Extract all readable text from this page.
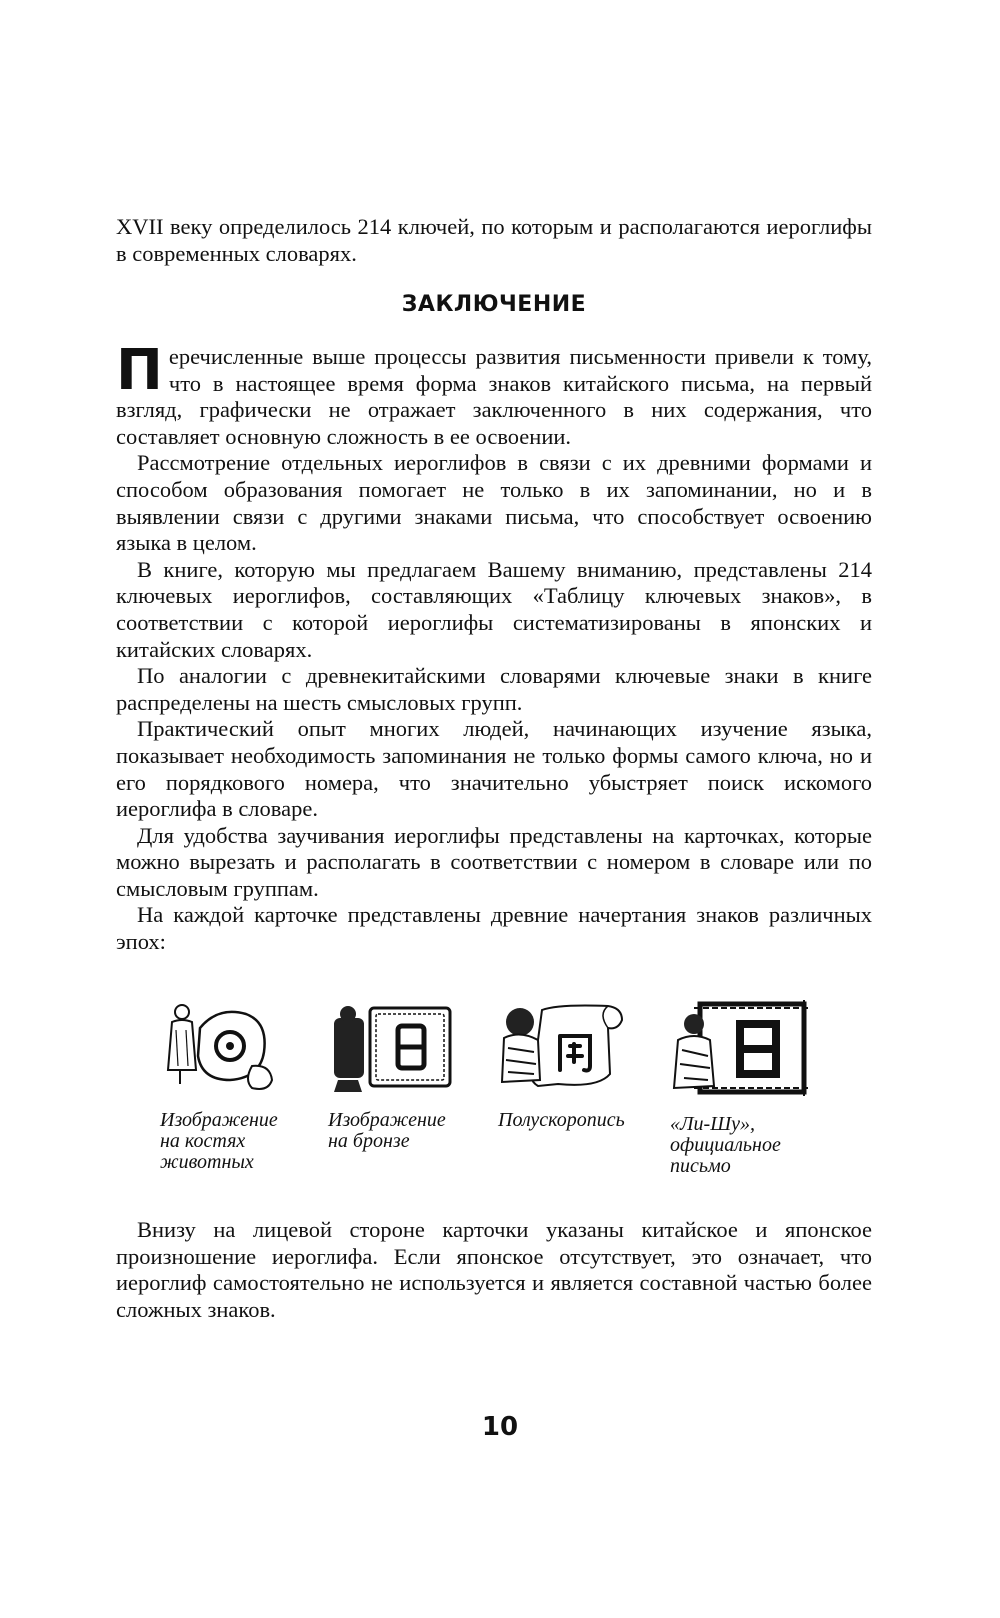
XVII веку определилось 214 ключей, по которым и располагаются иероглифы в современных словарях.

ЗАКЛЮЧЕНИЕ

Перечисленные выше процессы развития письменности привели к тому, что в настоящее время форма знаков китайского письма, на первый взгляд, графически не отражает заключенного в них содержания, что составляет основную сложность в ее освоении.

Рассмотрение отдельных иероглифов в связи с их древними формами и способом образования помогает не только в их запоминании, но и в выявлении связи с другими знаками письма, что способствует освоению языка в целом.

В книге, которую мы предлагаем Вашему вниманию, представлены 214 ключевых иероглифов, составляющих «Таблицу ключевых знаков», в соответствии с которой иероглифы систематизированы в японских и китайских словарях.

По аналогии с древнекитайскими словарями ключевые знаки в книге распределены на шесть смысловых групп.

Практический опыт многих людей, начинающих изучение языка, показывает необходимость запоминания не только формы самого ключа, но и его порядкового номера, что значительно убыстряет поиск искомого иероглифа в словаре.

Для удобства заучивания иероглифы представлены на карточках, которые можно вырезать и располагать в соответствии с номером в словаре или по смысловым группам.

На каждой карточке представлены древние начертания знаков различных эпох:

Изображение
на костях
животных
Изображение
на бронзе
Полускоропись	«Ли-Шу»,
официальное
письмо

Внизу на лицевой стороне карточки указаны китайское и японское произношение иероглифа. Если японское отсутствует, это означает, что иероглиф самостоятельно не используется и является составной частью более сложных знаков.

10
